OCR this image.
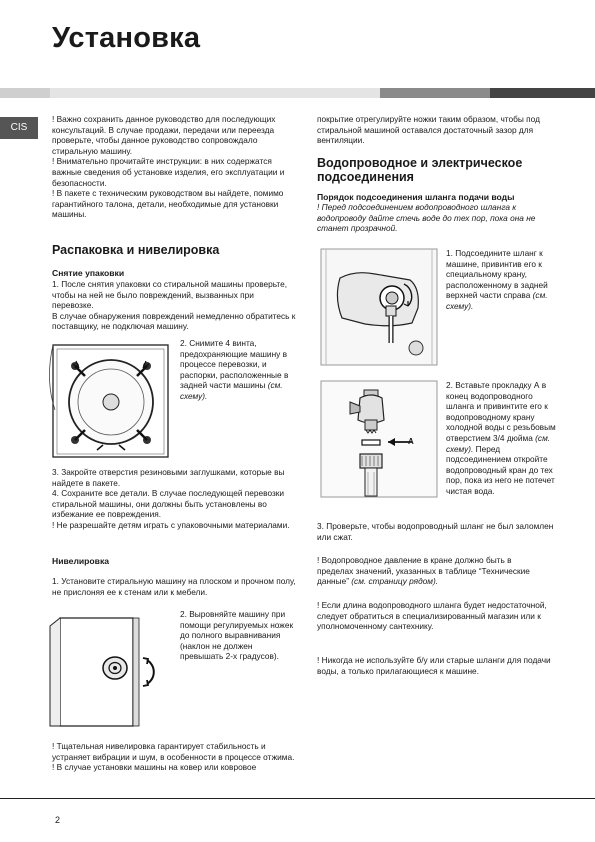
Установка
CIS

! Важно сохранить данное руководство для последующих консультаций. В случае продажи, передачи или переезда проверьте, чтобы данное руководство сопровождало стиральную машину.

! Внимательно прочитайте инструкции: в них содержатся важные сведения об установке изделия, его эксплуатации и безопасности.

! В пакете с техническим руководством вы найдете, помимо гарантийного талона, детали, необходимые для установки машины.

Распаковка и нивелировка
Снятие упаковки

1. После снятия упаковки со стиральной машины проверьте, чтобы на ней не было повреждений, вызванных при перевозке.

В случае обнаружения повреждений немедленно обратитесь к поставщику, не подключая машину.

2. Снимите 4 винта, предохраняющие машину в процессе перевозки, и распорки, расположенные в задней части машины (см. схему).

3. Закройте отверстия резиновыми заглушками, которые вы найдете в пакете.

4. Сохраните все детали. В случае последующей перевозки стиральной машины, они должны быть установлены во избежание ее повреждения.

! Не разрешайте детям играть с упаковочными материалами.

Нивелировка
1. Установите стиральную машину на плоском и прочном полу, не прислоняя ее к стенам или к мебели.
2. Выровняйте машину при помощи регулируемых ножек до полного выравнивания (наклон не должен превышать 2-х градусов).

! Тщательная нивелировка гарантирует стабильность и устраняет вибрации и шум, в особенности в процессе отжима.

! В случае установки машины на ковер или ковровое

покрытие отрегулируйте ножки таким образом, чтобы под стиральной машиной оставался достаточный зазор для вентиляции.
Водопроводное и электрическое подсоединения
Порядок подсоединения шланга подачи воды
! Перед подсоединением водопроводного шланга к водопроводу дайте стечь воде до тех пор, пока она не станет прозрачной.
1. Подсоедините шланг к машине, привинтив его к специальному крану, расположенному в задней верхней части справа (см. схему).
A
2. Вставьте прокладку А в конец водопроводного шланга и привинтите его к водопроводному крану холодной воды с резьбовым отверстием 3/4 дюйма (см. схему). Перед подсоединением откройте водопроводный кран до тех пор, пока из него не потечет чистая вода.
3. Проверьте, чтобы водопроводный шланг не был заломлен или сжат.
! Водопроводное давление в кране должно быть в пределах значений, указанных в таблице “Технические данные” (см. страницу рядом).
! Если длина водопроводного шланга будет недостаточной, следует обратиться в специализированный магазин или к уполномоченному сантехнику.
! Никогда не используйте б/у или старые шланги для подачи воды, а только прилагающиеся к машине.
2
